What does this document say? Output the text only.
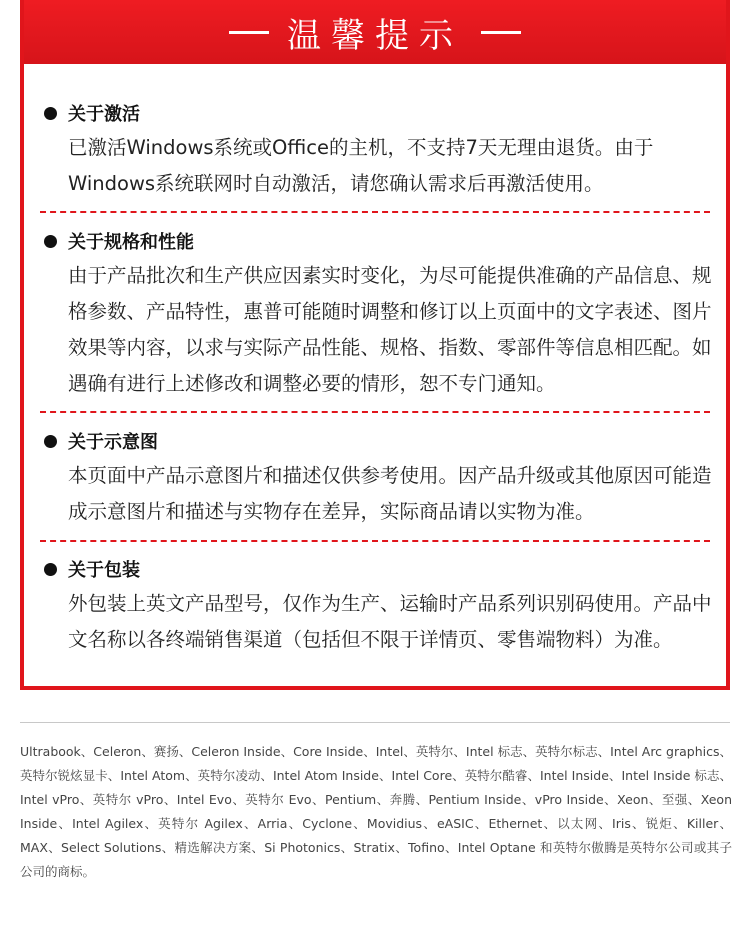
温馨提示
关于激活
已激活Windows系统或Office的主机，不支持7天无理由退货。由于Windows系统联网时自动激活，请您确认需求后再激活使用。
关于规格和性能
由于产品批次和生产供应因素实时变化，为尽可能提供准确的产品信息、规格参数、产品特性，惠普可能随时调整和修订以上页面中的文字表述、图片效果等内容，以求与实际产品性能、规格、指数、零部件等信息相匹配。如遇确有进行上述修改和调整必要的情形，恕不专门通知。
关于示意图
本页面中产品示意图片和描述仅供参考使用。因产品升级或其他原因可能造成示意图片和描述与实物存在差异，实际商品请以实物为准。
关于包装
外包装上英文产品型号，仅作为生产、运输时产品系列识别码使用。产品中文名称以各终端销售渠道（包括但不限于详情页、零售端物料）为准。
Ultrabook、Celeron、赛扬、Celeron Inside、Core Inside、Intel、英特尔、Intel 标志、英特尔标志、Intel Arc graphics、英特尔锐炫显卡、Intel Atom、英特尔凌动、Intel Atom Inside、Intel Core、英特尔酷睿、Intel Inside、Intel Inside 标志、Intel vPro、英特尔 vPro、Intel Evo、英特尔 Evo、Pentium、奔腾、Pentium Inside、vPro Inside、Xeon、至强、Xeon Inside、Intel Agilex、英特尔 Agilex、Arria、Cyclone、Movidius、eASIC、Ethernet、以太网、Iris、锐炬、Killer、MAX、Select Solutions、精选解决方案、Si Photonics、Stratix、Tofino、Intel Optane 和英特尔傲腾是英特尔公司或其子公司的商标。
